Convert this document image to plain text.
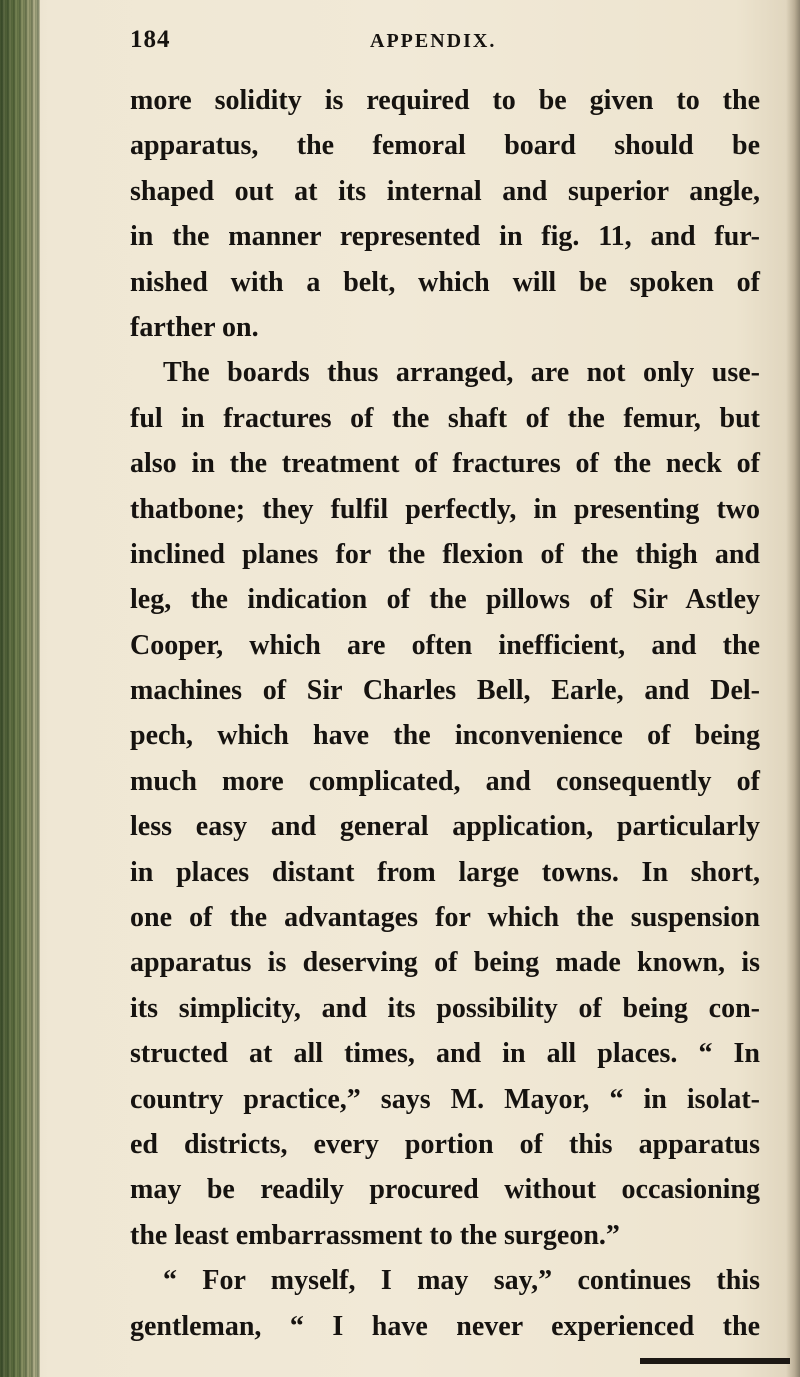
184	APPENDIX.
more solidity is required to be given to the
apparatus, the femoral board should be
shaped out at its internal and superior angle,
in the manner represented in fig. 11, and fur-
nished with a belt, which will be spoken of
farther on.
The boards thus arranged, are not only use-
ful in fractures of the shaft of the femur, but
also in the treatment of fractures of the neck of
thatbone; they fulfil perfectly, in presenting two
inclined planes for the flexion of the thigh and
leg, the indication of the pillows of Sir Astley
Cooper, which are often inefficient, and the
machines of Sir Charles Bell, Earle, and Del-
pech, which have the inconvenience of being
much more complicated, and consequently of
less easy and general application, particularly
in places distant from large towns. In short,
one of the advantages for which the suspension
apparatus is deserving of being made known, is
its simplicity, and its possibility of being con-
structed at all times, and in all places. “ In
country practice,” says M. Mayor, “ in isolat-
ed districts, every portion of this apparatus
may be readily procured without occasioning
the least embarrassment to the surgeon.”
“ For myself, I may say,” continues this
gentleman, “ I have never experienced the
